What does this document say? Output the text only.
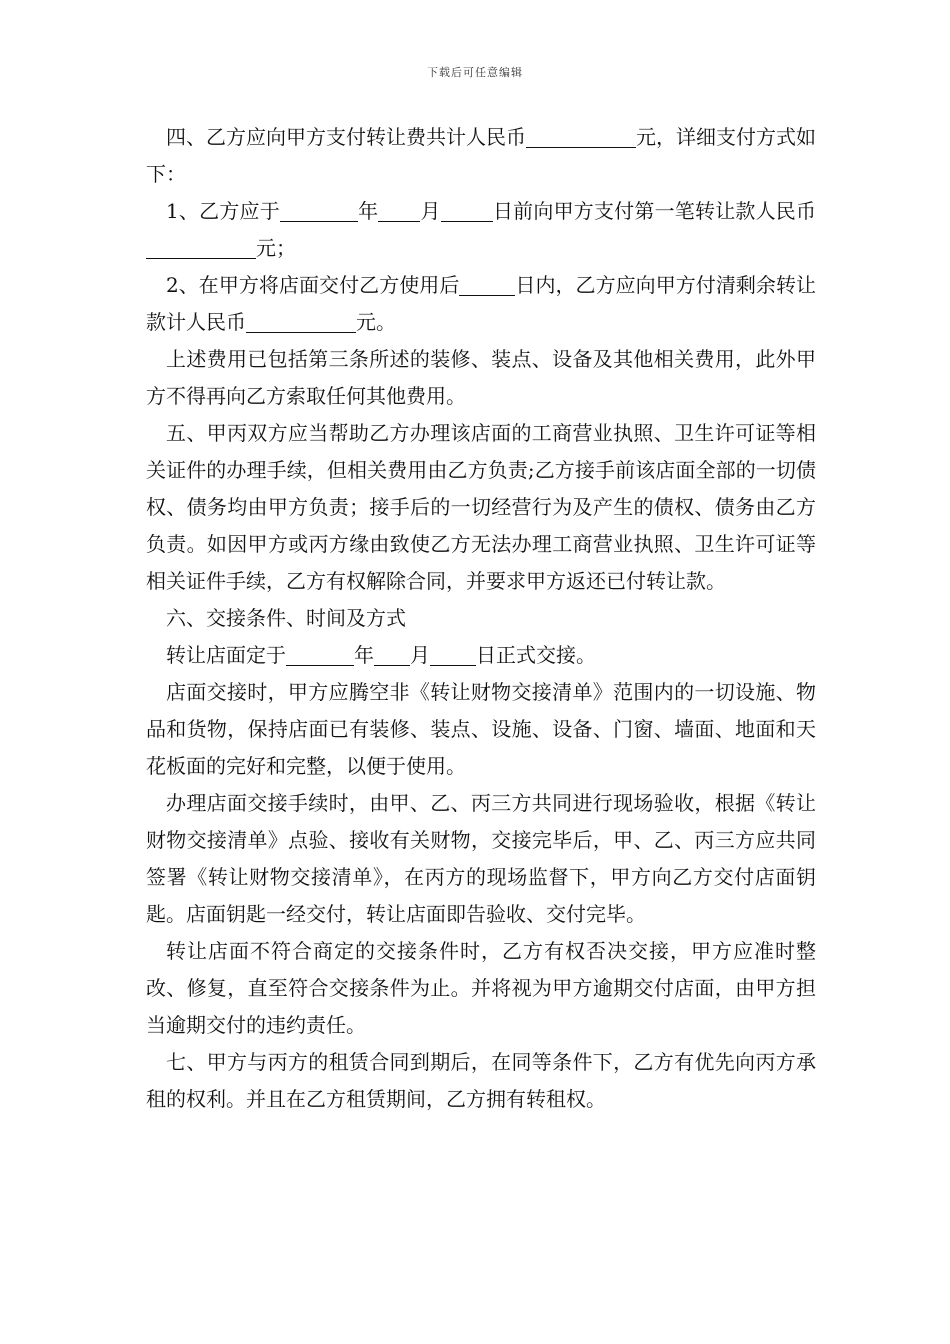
下载后可任意编辑

四、乙方应向甲方支付转让费共计人民币	元，详细支付方式如下：

1、乙方应于	年 月	日前向甲方支付第一笔转让款人民币元；

2、在甲方将店面交付乙方使用后	日内，乙方应向甲方付清剩余转让款计人民币	元。

上述费用已包括第三条所述的装修、装点、设备及其他相关费用，此外甲方不得再向乙方索取任何其他费用。

五、甲丙双方应当帮助乙方办理该店面的工商营业执照、卫生许可证等相关证件的办理手续，但相关费用由乙方负责;乙方接手前该店面全部的一切债权、债务均由甲方负责；接手后的一切经营行为及产生的债权、债务由乙方负责。如因甲方或丙方缘由致使乙方无法办理工商营业执照、卫生许可证等相关证件手续，乙方有权解除合同，并要求甲方返还已付转让款。

六、交接条件、时间及方式

转让店面定于	年 月 日正式交接。

店面交接时，甲方应腾空非《转让财物交接清单》范围内的一切设施、物品和货物，保持店面已有装修、装点、设施、设备、门窗、墙面、地面和天花板面的完好和完整，以便于使用。

办理店面交接手续时，由甲、乙、丙三方共同进行现场验收，根据《转让财物交接清单》点验、接收有关财物，交接完毕后，甲、乙、丙三方应共同签署《转让财物交接清单》，在丙方的现场监督下，甲方向乙方交付店面钥匙。店面钥匙一经交付，转让店面即告验收、交付完毕。

转让店面不符合商定的交接条件时，乙方有权否决交接，甲方应准时整改、修复，直至符合交接条件为止。并将视为甲方逾期交付店面，由甲方担当逾期交付的违约责任。

七、甲方与丙方的租赁合同到期后，在同等条件下，乙方有优先向丙方承租的权利。并且在乙方租赁期间，乙方拥有转租权。
